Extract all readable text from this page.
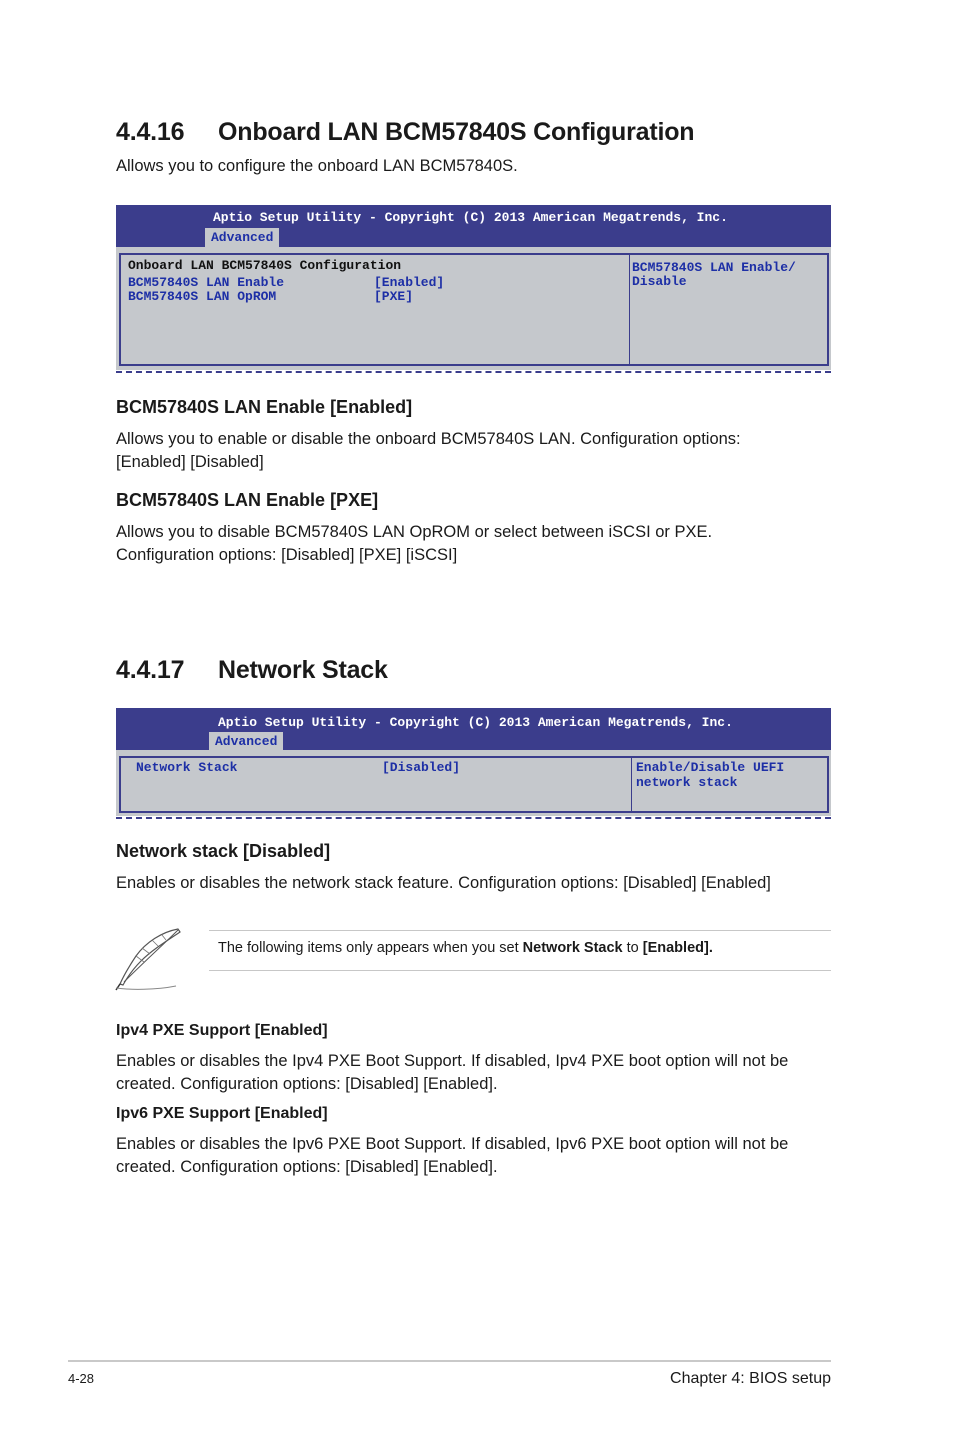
4.4.16 Onboard LAN BCM57840S Configuration
Allows you to configure the onboard LAN BCM57840S.
Aptio Setup Utility - Copyright (C) 2013 American Megatrends, Inc.
Advanced
Onboard LAN BCM57840S Configuration
BCM57840S LAN Enable	[Enabled]
BCM57840S LAN OpROM	[PXE]
BCM57840S LAN Enable/
Disable
BCM57840S LAN Enable [Enabled]
Allows you to enable or disable the onboard BCM57840S LAN. Configuration options:
[Enabled] [Disabled]
BCM57840S LAN Enable [PXE]
Allows you to disable BCM57840S LAN OpROM or select between iSCSI or PXE.
Configuration options: [Disabled] [PXE] [iSCSI]
4.4.17 Network Stack
Aptio Setup Utility - Copyright (C) 2013 American Megatrends, Inc.
Advanced
Network Stack	[Disabled]	Enable/Disable UEFI
network stack
Network stack [Disabled]
Enables or disables the network stack feature. Configuration options: [Disabled] [Enabled]
The following items only appears when you set Network Stack to [Enabled].
Ipv4 PXE Support [Enabled]
Enables or disables the Ipv4 PXE Boot Support. If disabled, Ipv4 PXE boot option will not be
created. Configuration options: [Disabled] [Enabled].
Ipv6 PXE Support [Enabled]
Enables or disables the Ipv6 PXE Boot Support. If disabled, Ipv6 PXE boot option will not be
created. Configuration options: [Disabled] [Enabled].
4-28	Chapter 4: BIOS setup
